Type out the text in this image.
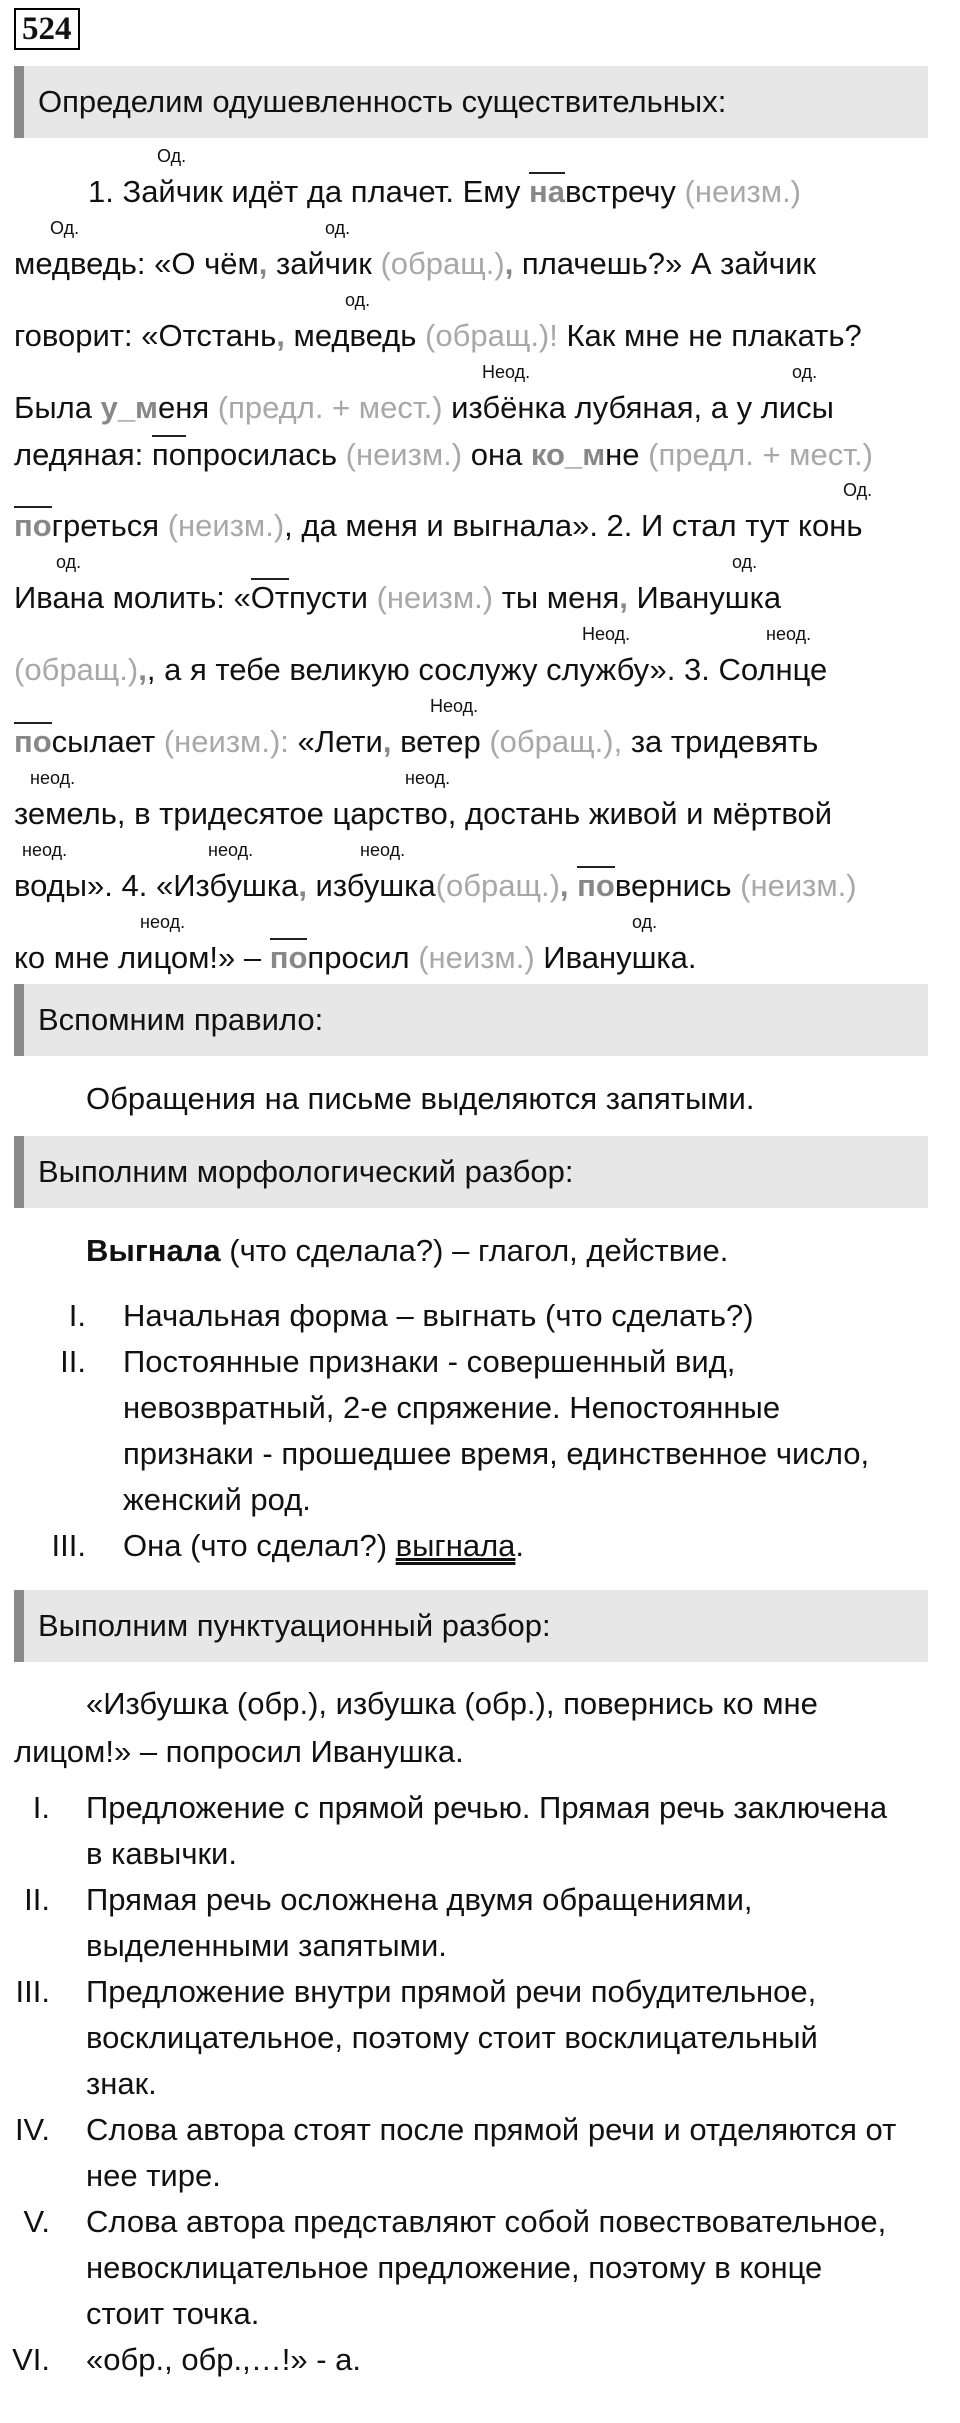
524
Определим одушевленность существительных:
Од.
1. Зайчик идёт да плачет. Ему навстречу (неизм.)
Од.	од.
медведь: «О чём, зайчик (обращ.), плачешь?» А зайчик
од.
говорит: «Отстань, медведь (обращ.)! Как мне не плакать?
Неод.	од.
Была у_меня (предл. + мест.) избёнка лубяная, а у лисы
ледяная: попросилась (неизм.) она ко_мне (предл. + мест.)
Од.
погреться (неизм.), да меня и выгнала». 2. И стал тут конь
од.	од.
Ивана молить: «Отпусти (неизм.) ты меня, Иванушка
Неод.	неод.
(обращ.),, а я тебе великую сослужу службу». 3. Солнце
Неод.
посылает (неизм.): «Лети, ветер (обращ.), за тридевять
неод.	неод.
земель, в тридесятое царство, достань живой и мёртвой
неод.	неод.	неод.
воды». 4. «Избушка, избушка(обращ.), повернись (неизм.)
неод.	од.
ко мне лицом!» – попросил (неизм.) Иванушка.
Вспомним правило:
Обращения на письме выделяются запятыми.
Выполним морфологический разбор:
Выгнала (что сделала?) – глагол, действие.
Выполним пунктуационный разбор:
«Избушка (обр.), избушка (обр.), повернись ко мне
лицом!» – попросил Иванушка.
I. Начальная форма – выгнать (что сделать?)
II. Постоянные признаки - совершенный вид,
невозвратный, 2-е спряжение. Непостоянные
признаки - прошедшее время, единственное число,
женский род.
III. Она (что сделал?) выгнала.
I. Предложение с прямой речью. Прямая речь заключена
в кавычки.
II. Прямая речь осложнена двумя обращениями,
выделенными запятыми.
III. Предложение внутри прямой речи побудительное,
восклицательное, поэтому стоит восклицательный
знак.
IV. Слова автора стоят после прямой речи и отделяются от
нее тире.
V. Слова автора представляют собой повествовательное,
невосклицательное предложение, поэтому в конце
стоит точка.
VI. «обр., обр.,…!» - а.
